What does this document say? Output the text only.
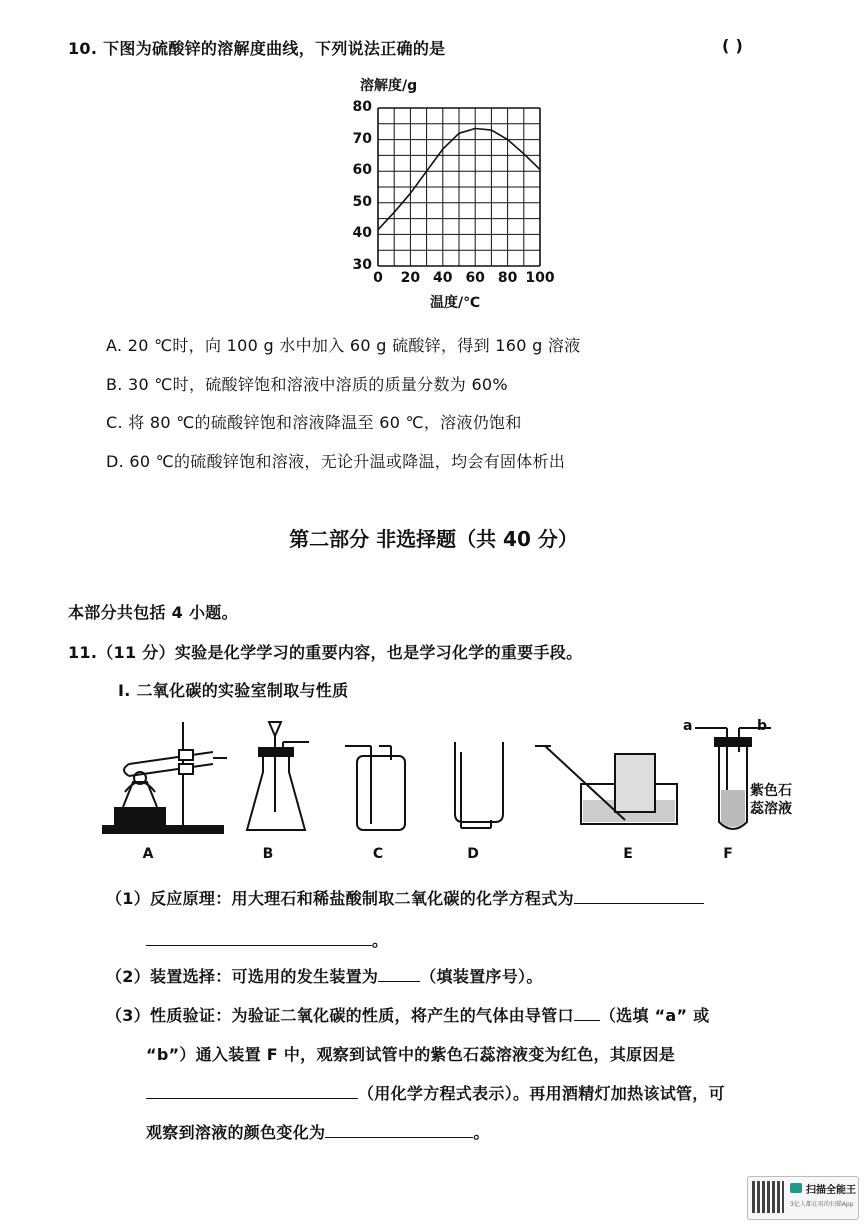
10. 下图为硫酸锌的溶解度曲线，下列说法正确的是	( )
溶解度/g
30
40
50
60
70
80
0	20 40 60 80 100
温度/℃
A. 20 ℃时，向 100 g 水中加入 60 g 硫酸锌，得到 160 g 溶液
B. 30 ℃时，硫酸锌饱和溶液中溶质的质量分数为 60%
C. 将 80 ℃的硫酸锌饱和溶液降温至 60 ℃，溶液仍饱和
D. 60 ℃的硫酸锌饱和溶液，无论升温或降温，均会有固体析出
第二部分 非选择题（共 40 分）
本部分共包括 4 小题。
11.（11 分）实验是化学学习的重要内容，也是学习化学的重要手段。
Ⅰ. 二氧化碳的实验室制取与性质
a	b
紫色石
蕊溶液
A	B	C	D	E	F
（1）反应原理：用大理石和稀盐酸制取二氧化碳的化学方程式为
。
（2）装置选择：可选用的发生装置为	（填装置序号）。
（3）性质验证：为验证二氧化碳的性质，将产生的气体由导管口 （选填 “a” 或
“b”）通入装置 F 中，观察到试管中的紫色石蕊溶液变为红色，其原因是
（用化学方程式表示）。再用酒精灯加热该试管，可
观察到溶液的颜色变化为	。
扫描全能王
3亿人都在用的扫描App
